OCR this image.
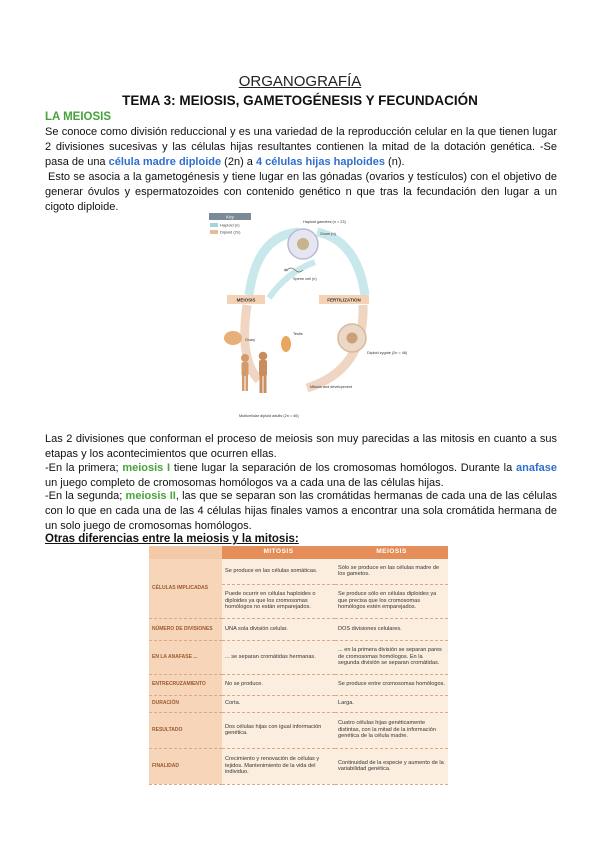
ORGANOGRAFÍA
TEMA 3: MEIOSIS, GAMETOGÉNESIS Y FECUNDACIÓN
LA MEIOSIS
Se conoce como división reduccional y es una variedad de la reproducción celular en la que tienen lugar 2 divisiones sucesivas y las células hijas resultantes contienen la mitad de la dotación genética. -Se pasa de una célula madre diploide (2n) a 4 células hijas haploides (n).
Esto se asocia a la gametogénesis y tiene lugar en las gónadas (ovarios y testículos) con el objetivo de generar óvulos y espermatozoides con contenido genético n que tras la fecundación den lugar a un cigoto diploide.
Key
Haploid (n)
Diploid (2n)
Haploid gametes (n = 23)
Ovum (n)
Sperm cell (n)
MEIOSIS	FERTILIZATION
Ovary
Testis
Diploid zygote (2n = 46)
Mitosis and development
Multicellular diploid adults (2n = 46)
Las 2 divisiones que conforman el proceso de meiosis son muy parecidas a las mitosis en cuanto a sus etapas y los acontecimientos que ocurren ellas.
-En la primera; meiosis I tiene lugar la separación de los cromosomas homólogos. Durante la anafase un juego completo de cromosomas homólogos va a cada una de las células hijas.
-En la segunda; meiosis II, las que se separan son las cromátidas hermanas de cada una de las células con lo que en cada una de las 4 células hijas finales vamos a encontrar una sola cromátida hermana de un solo juego de cromosomas homólogos.
Otras diferencias entre la meiosis y la mitosis:
	MITOSIS	MEIOSIS
CÉLULAS IMPLICADAS	Se produce en las células somáticas.	Sólo se produce en las células madre de los gametos.
	Puede ocurrir en células haploides o diploides ya que los cromosomas homólogos no están emparejados.	Se produce sólo en células diploides ya que precisa que los cromosomas homólogos estén emparejados.
NÚMERO DE DIVISIONES	UNA sola división celular.	DOS divisiones celulares.
EN LA ANAFASE ...	... se separan cromátidas hermanas.	... en la primera división se separan pares de cromosomas homólogos. En la segunda división se separan cromátidas.
ENTRECRUZAMIENTO	No se produce.	Se produce entre cromosomas homólogos.
DURACIÓN	Corta.	Larga.
RESULTADO	Dos células hijas con igual información genética.	Cuatro células hijas genéticamente distintas, con la mitad de la información genética de la célula madre.
FINALIDAD	Crecimiento y renovación de células y tejidos. Mantenimiento de la vida del individuo.	Continuidad de la especie y aumento de la variabilidad genética.
